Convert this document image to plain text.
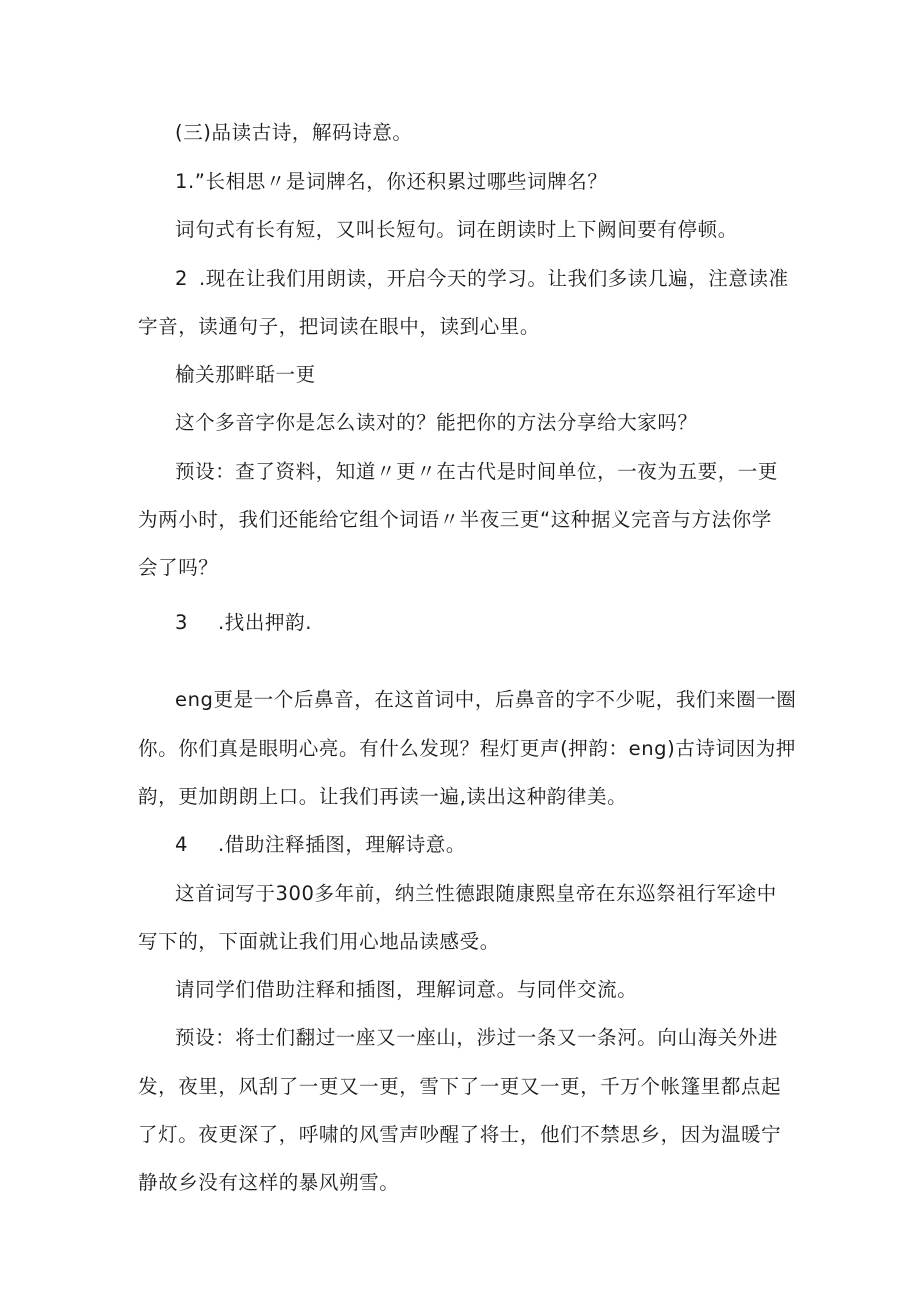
(三)品读古诗，解码诗意。
1.”长相思〃是词牌名，你还积累过哪些词牌名？
词句式有长有短，又叫长短句。词在朗读时上下阙间要有停顿。
2 .现在让我们用朗读，开启今天的学习。让我们多读几遍，注意读准
字音，读通句子，把词读在眼中，读到心里。
榆关那畔聒一更
这个多音字你是怎么读对的？能把你的方法分享给大家吗？
预设：查了资料，知道〃更〃在古代是时间单位，一夜为五要，一更
为两小时，我们还能给它组个词语〃半夜三更“这种据义完音与方法你学
会了吗？
3 .找出押韵.
eng更是一个后鼻音，在这首词中，后鼻音的字不少呢，我们来圈一圈
你。你们真是眼明心亮。有什么发现？程灯更声(押韵：eng)古诗词因为押
韵，更加朗朗上口。让我们再读一遍,读出这种韵律美。
4 .借助注释插图，理解诗意。
这首词写于300多年前，纳兰性德跟随康熙皇帝在东巡祭祖行军途中
写下的，下面就让我们用心地品读感受。
请同学们借助注释和插图，理解词意。与同伴交流。
预设：将士们翻过一座又一座山，涉过一条又一条河。向山海关外进
发，夜里，风刮了一更又一更，雪下了一更又一更，千万个帐篷里都点起
了灯。夜更深了，呼啸的风雪声吵醒了将士，他们不禁思乡，因为温暖宁
静故乡没有这样的暴风朔雪。
